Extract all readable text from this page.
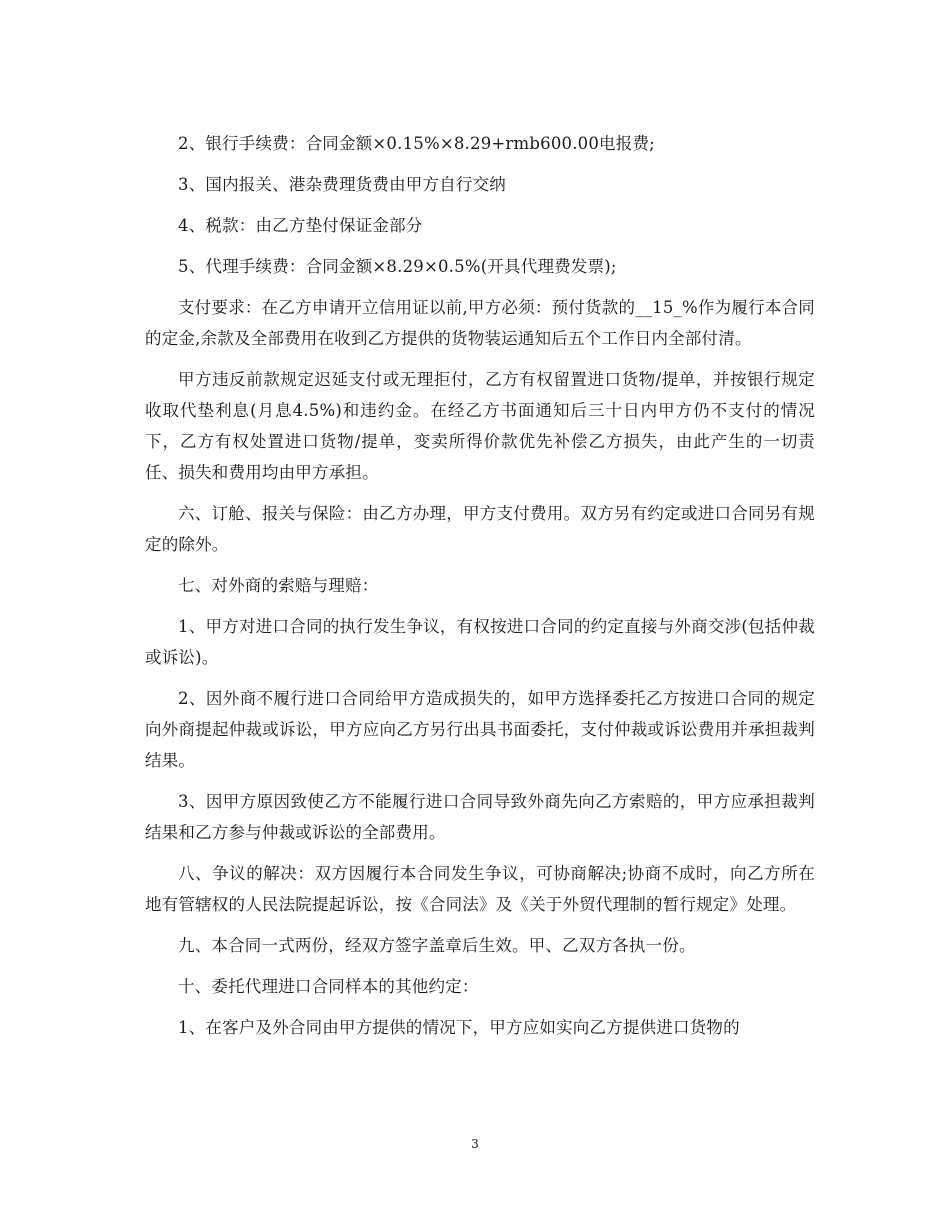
2、银行手续费：合同金额×0.15%×8.29+rmb600.00电报费;

3、国内报关、港杂费理货费由甲方自行交纳

4、税款：由乙方垫付保证金部分

5、代理手续费：合同金额×8.29×0.5%(开具代理费发票);

支付要求：在乙方申请开立信用证以前,甲方必须：预付货款的__15_%作为履行本合同的定金,余款及全部费用在收到乙方提供的货物装运通知后五个工作日内全部付清。

甲方违反前款规定迟延支付或无理拒付，乙方有权留置进口货物/提单，并按银行规定收取代垫利息(月息4.5%)和违约金。在经乙方书面通知后三十日内甲方仍不支付的情况下，乙方有权处置进口货物/提单，变卖所得价款优先补偿乙方损失，由此产生的一切责任、损失和费用均由甲方承担。

六、订舱、报关与保险：由乙方办理，甲方支付费用。双方另有约定或进口合同另有规定的除外。

七、对外商的索赔与理赔：

1、甲方对进口合同的执行发生争议，有权按进口合同的约定直接与外商交涉(包括仲裁或诉讼)。

2、因外商不履行进口合同给甲方造成损失的，如甲方选择委托乙方按进口合同的规定向外商提起仲裁或诉讼，甲方应向乙方另行出具书面委托，支付仲裁或诉讼费用并承担裁判结果。

3、因甲方原因致使乙方不能履行进口合同导致外商先向乙方索赔的，甲方应承担裁判结果和乙方参与仲裁或诉讼的全部费用。

八、争议的解决：双方因履行本合同发生争议，可协商解决;协商不成时，向乙方所在地有管辖权的人民法院提起诉讼，按《合同法》及《关于外贸代理制的暂行规定》处理。

九、本合同一式两份，经双方签字盖章后生效。甲、乙双方各执一份。

十、委托代理进口合同样本的其他约定：

1、在客户及外合同由甲方提供的情况下，甲方应如实向乙方提供进口货物的

3
